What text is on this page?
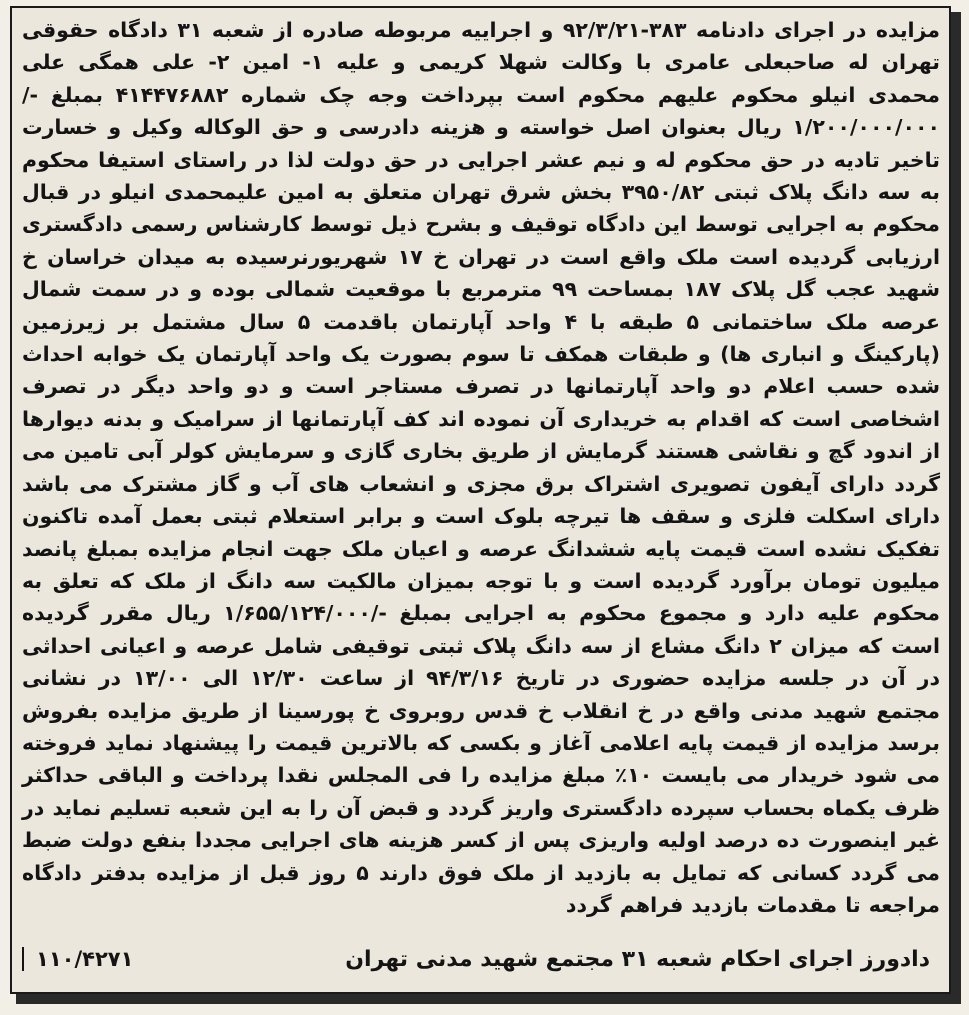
مزایده در اجرای دادنامه ۳۸۳-۹۲/۳/۲۱ و اجراییه مربوطه صادره از شعبه ۳۱ دادگاه حقوقی تهران له صاحبعلی عامری با وکالت شهلا کریمی و علیه ۱- امین ۲- علی همگی علی محمدی انیلو محکوم علیهم محکوم است بپرداخت وجه چک شماره ۴۱۴۴۷۶۸۸۲ بمبلغ -/۱/۲۰۰/۰۰۰/۰۰۰ ریال بعنوان اصل خواسته و هزینه دادرسی و حق الوکاله وکیل و خسارت تاخیر تادیه در حق محکوم له و نیم عشر اجرایی در حق دولت لذا در راستای استیفا محکوم به سه دانگ پلاک ثبتی ۳۹۵۰/۸۲ بخش شرق تهران متعلق به امین علیمحمدی انیلو در قبال محکوم به اجرایی توسط این دادگاه توقیف و بشرح ذیل توسط کارشناس رسمی دادگستری ارزیابی گردیده است ملک واقع است در تهران خ ۱۷ شهریورنرسیده به میدان خراسان خ شهید عجب گل پلاک ۱۸۷ بمساحت ۹۹ مترمربع با موقعیت شمالی بوده و در سمت شمال عرصه ملک ساختمانی ۵ طبقه با ۴ واحد آپارتمان باقدمت ۵ سال مشتمل بر زیرزمین (پارکینگ و انباری ها) و طبقات همکف تا سوم بصورت یک واحد آپارتمان یک خوابه احداث شده حسب اعلام دو واحد آپارتمانها در تصرف مستاجر است و دو واحد دیگر در تصرف اشخاصی است که اقدام به خریداری آن نموده اند کف آپارتمانها از سرامیک و بدنه دیوارها از اندود گچ و نقاشی هستند گرمایش از طریق بخاری گازی و سرمایش کولر آبی تامین می گردد دارای آیفون تصویری اشتراک برق مجزی و انشعاب های آب و گاز مشترک می باشد دارای اسکلت فلزی و سقف ها تیرچه بلوک است و برابر استعلام ثبتی بعمل آمده تاکنون تفکیک نشده است قیمت پایه ششدانگ عرصه و اعیان ملک جهت انجام مزایده بمبلغ پانصد میلیون تومان برآورد گردیده است و با توجه بمیزان مالکیت سه دانگ از ملک که تعلق به محکوم علیه دارد و مجموع محکوم به اجرایی بمبلغ -/۱/۶۵۵/۱۲۴/۰۰۰ ریال مقرر گردیده است که میزان ۲ دانگ مشاع از سه دانگ پلاک ثبتی توقیفی شامل عرصه و اعیانی احداثی در آن در جلسه مزایده حضوری در تاریخ ۹۴/۳/۱۶ از ساعت ۱۲/۳۰ الی ۱۳/۰۰ در نشانی مجتمع شهید مدنی واقع در خ انقلاب خ قدس روبروی خ پورسینا از طریق مزایده بفروش برسد مزایده از قیمت پایه اعلامی آغاز و بکسی که بالاترین قیمت را پیشنهاد نماید فروخته می شود خریدار می بایست ۱۰٪ مبلغ مزایده را فی المجلس نقدا پرداخت و الباقی حداکثر ظرف یکماه بحساب سپرده دادگستری واریز گردد و قبض آن را به این شعبه تسلیم نماید در غیر اینصورت ده درصد اولیه واریزی پس از کسر هزینه های اجرایی مجددا بنفع دولت ضبط می گردد کسانی که تمایل به بازدید از ملک فوق دارند ۵ روز قبل از مزایده بدفتر دادگاه مراجعه تا مقدمات بازدید فراهم گردد

دادورز اجرای احکام شعبه ۳۱ مجتمع شهید مدنی تهران
۱۱۰/۴۲۷۱
